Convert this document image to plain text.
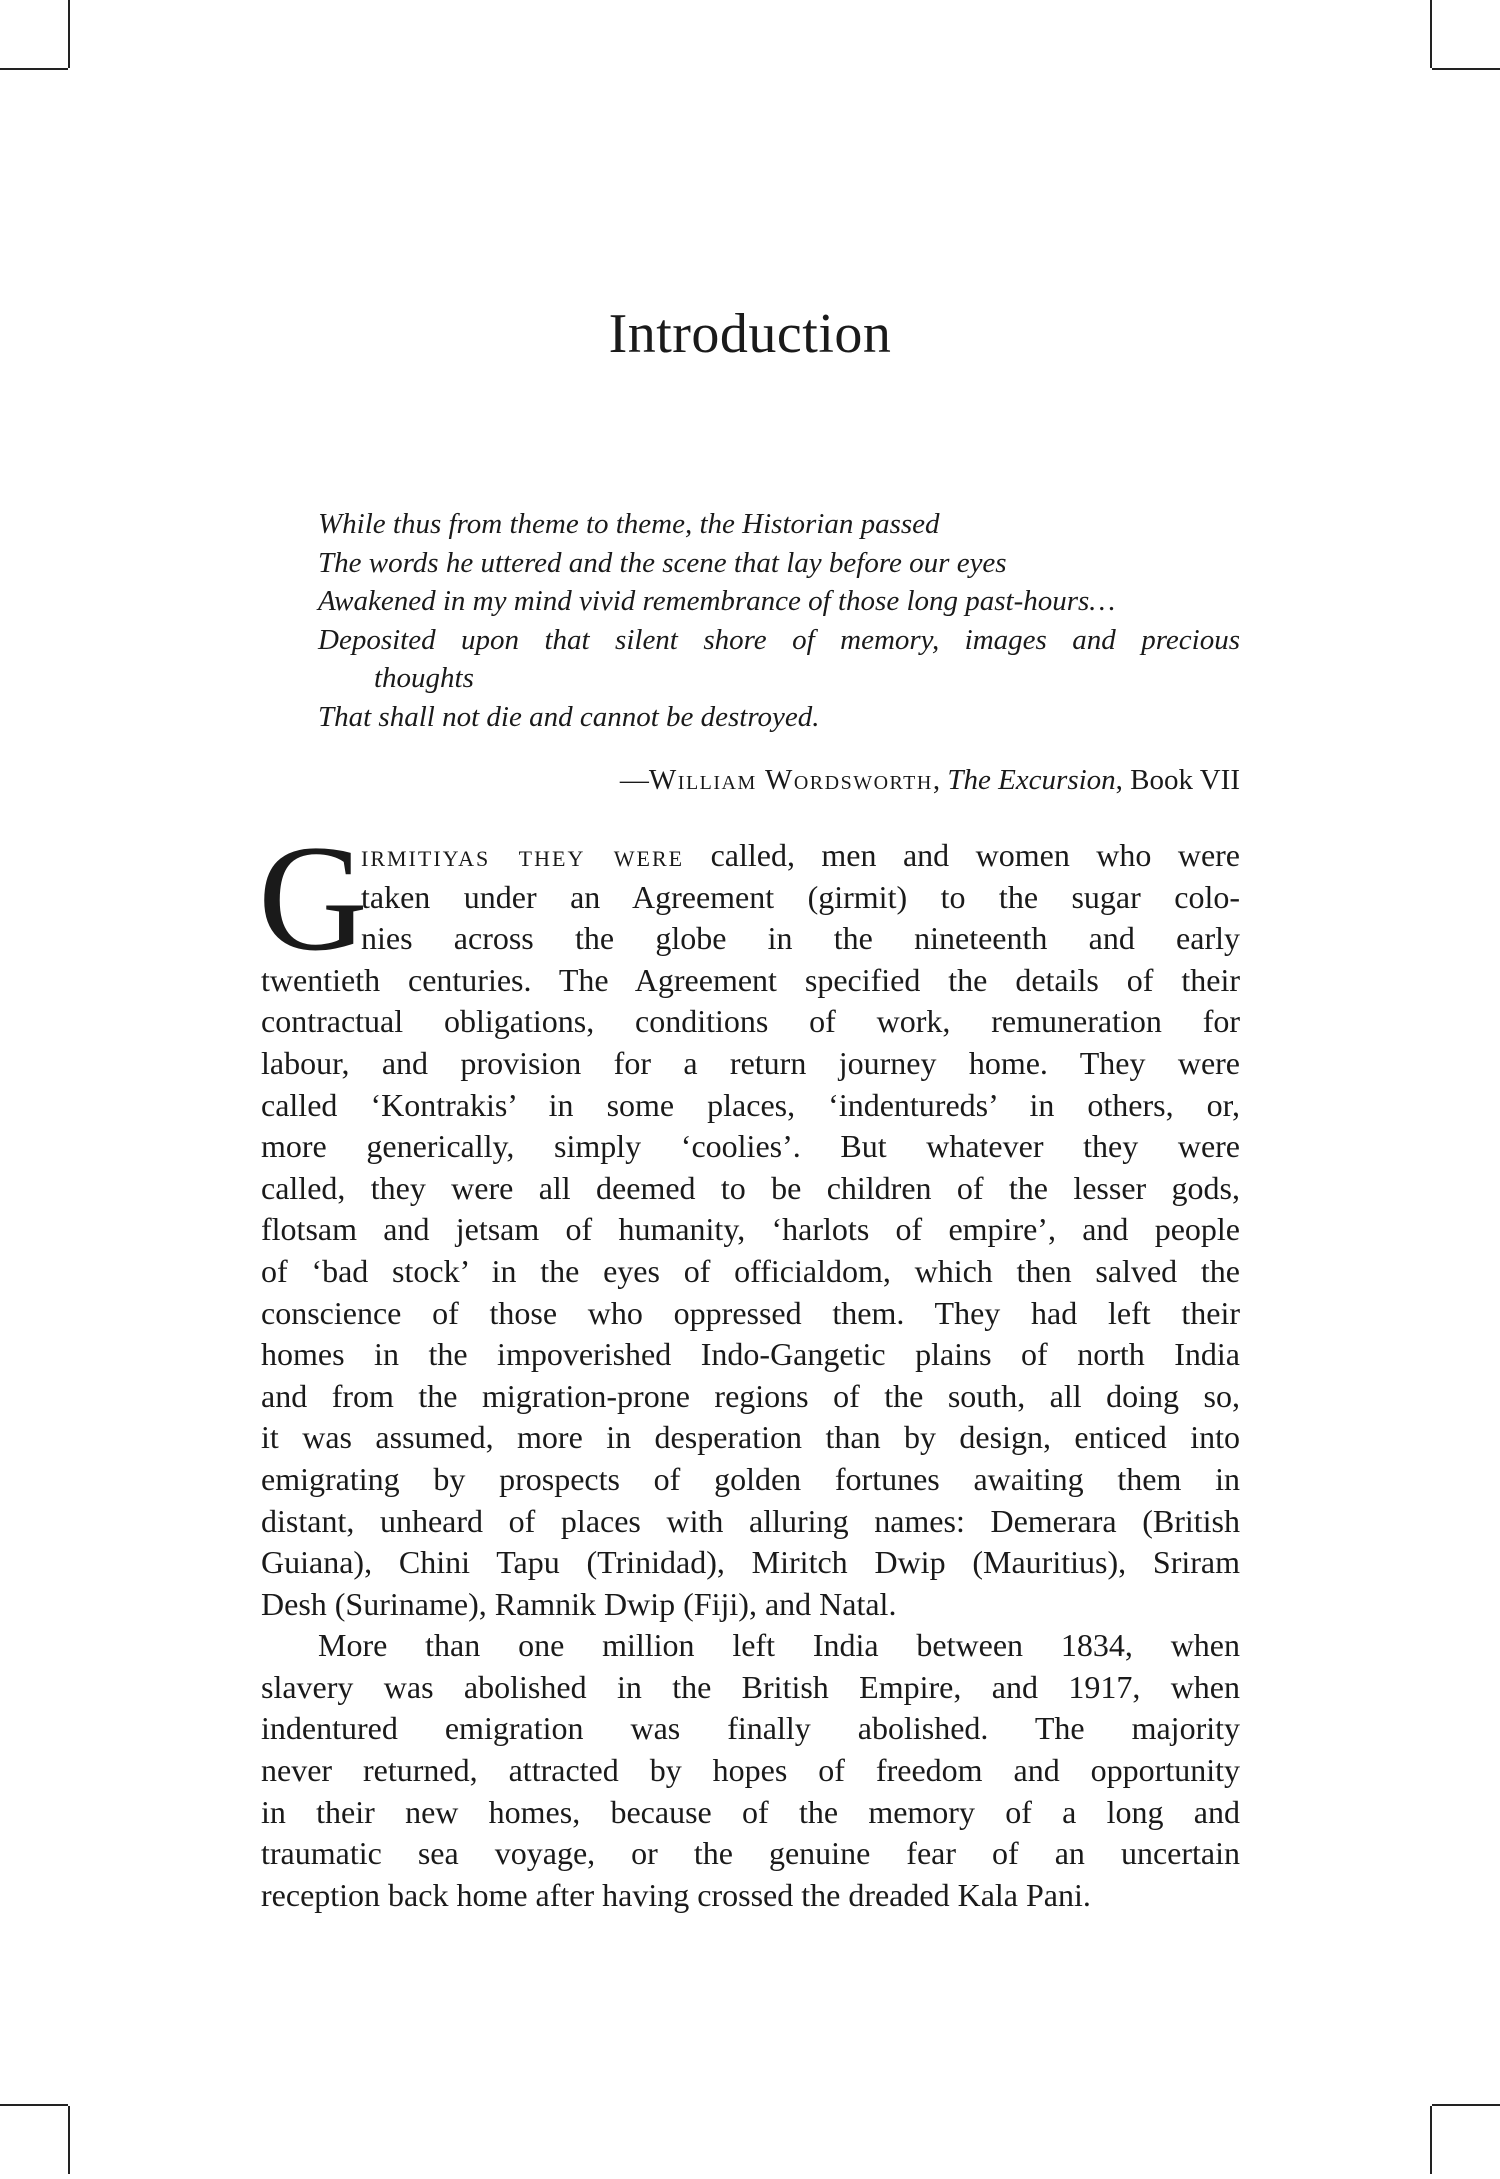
Introduction
While thus from theme to theme, the Historian passed
The words he uttered and the scene that lay before our eyes
Awakened in my mind vivid remembrance of those long past-hours…
Deposited upon that silent shore of memory, images and precious
thoughts
That shall not die and cannot be destroyed.
—William Wordsworth, The Excursion, Book VII
G
irmitiyas they were called, men and women who were
taken under an Agreement (girmit) to the sugar colo-
nies across the globe in the nineteenth and early
twentieth centuries. The Agreement specified the details of their
contractual obligations, conditions of work, remuneration for
labour, and provision for a return journey home. They were
called ‘Kontrakis’ in some places, ‘indentureds’ in others, or,
more generically, simply ‘coolies’. But whatever they were
called, they were all deemed to be children of the lesser gods,
flotsam and jetsam of humanity, ‘harlots of empire’, and people
of ‘bad stock’ in the eyes of officialdom, which then salved the
conscience of those who oppressed them. They had left their
homes in the impoverished Indo-Gangetic plains of north India
and from the migration-prone regions of the south, all doing so,
it was assumed, more in desperation than by design, enticed into
emigrating by prospects of golden fortunes awaiting them in
distant, unheard of places with alluring names: Demerara (British
Guiana), Chini Tapu (Trinidad), Miritch Dwip (Mauritius), Sriram
Desh (Suriname), Ramnik Dwip (Fiji), and Natal.
More than one million left India between 1834, when
slavery was abolished in the British Empire, and 1917, when
indentured emigration was finally abolished. The majority
never returned, attracted by hopes of freedom and opportunity
in their new homes, because of the memory of a long and
traumatic sea voyage, or the genuine fear of an uncertain
reception back home after having crossed the dreaded Kala Pani.
